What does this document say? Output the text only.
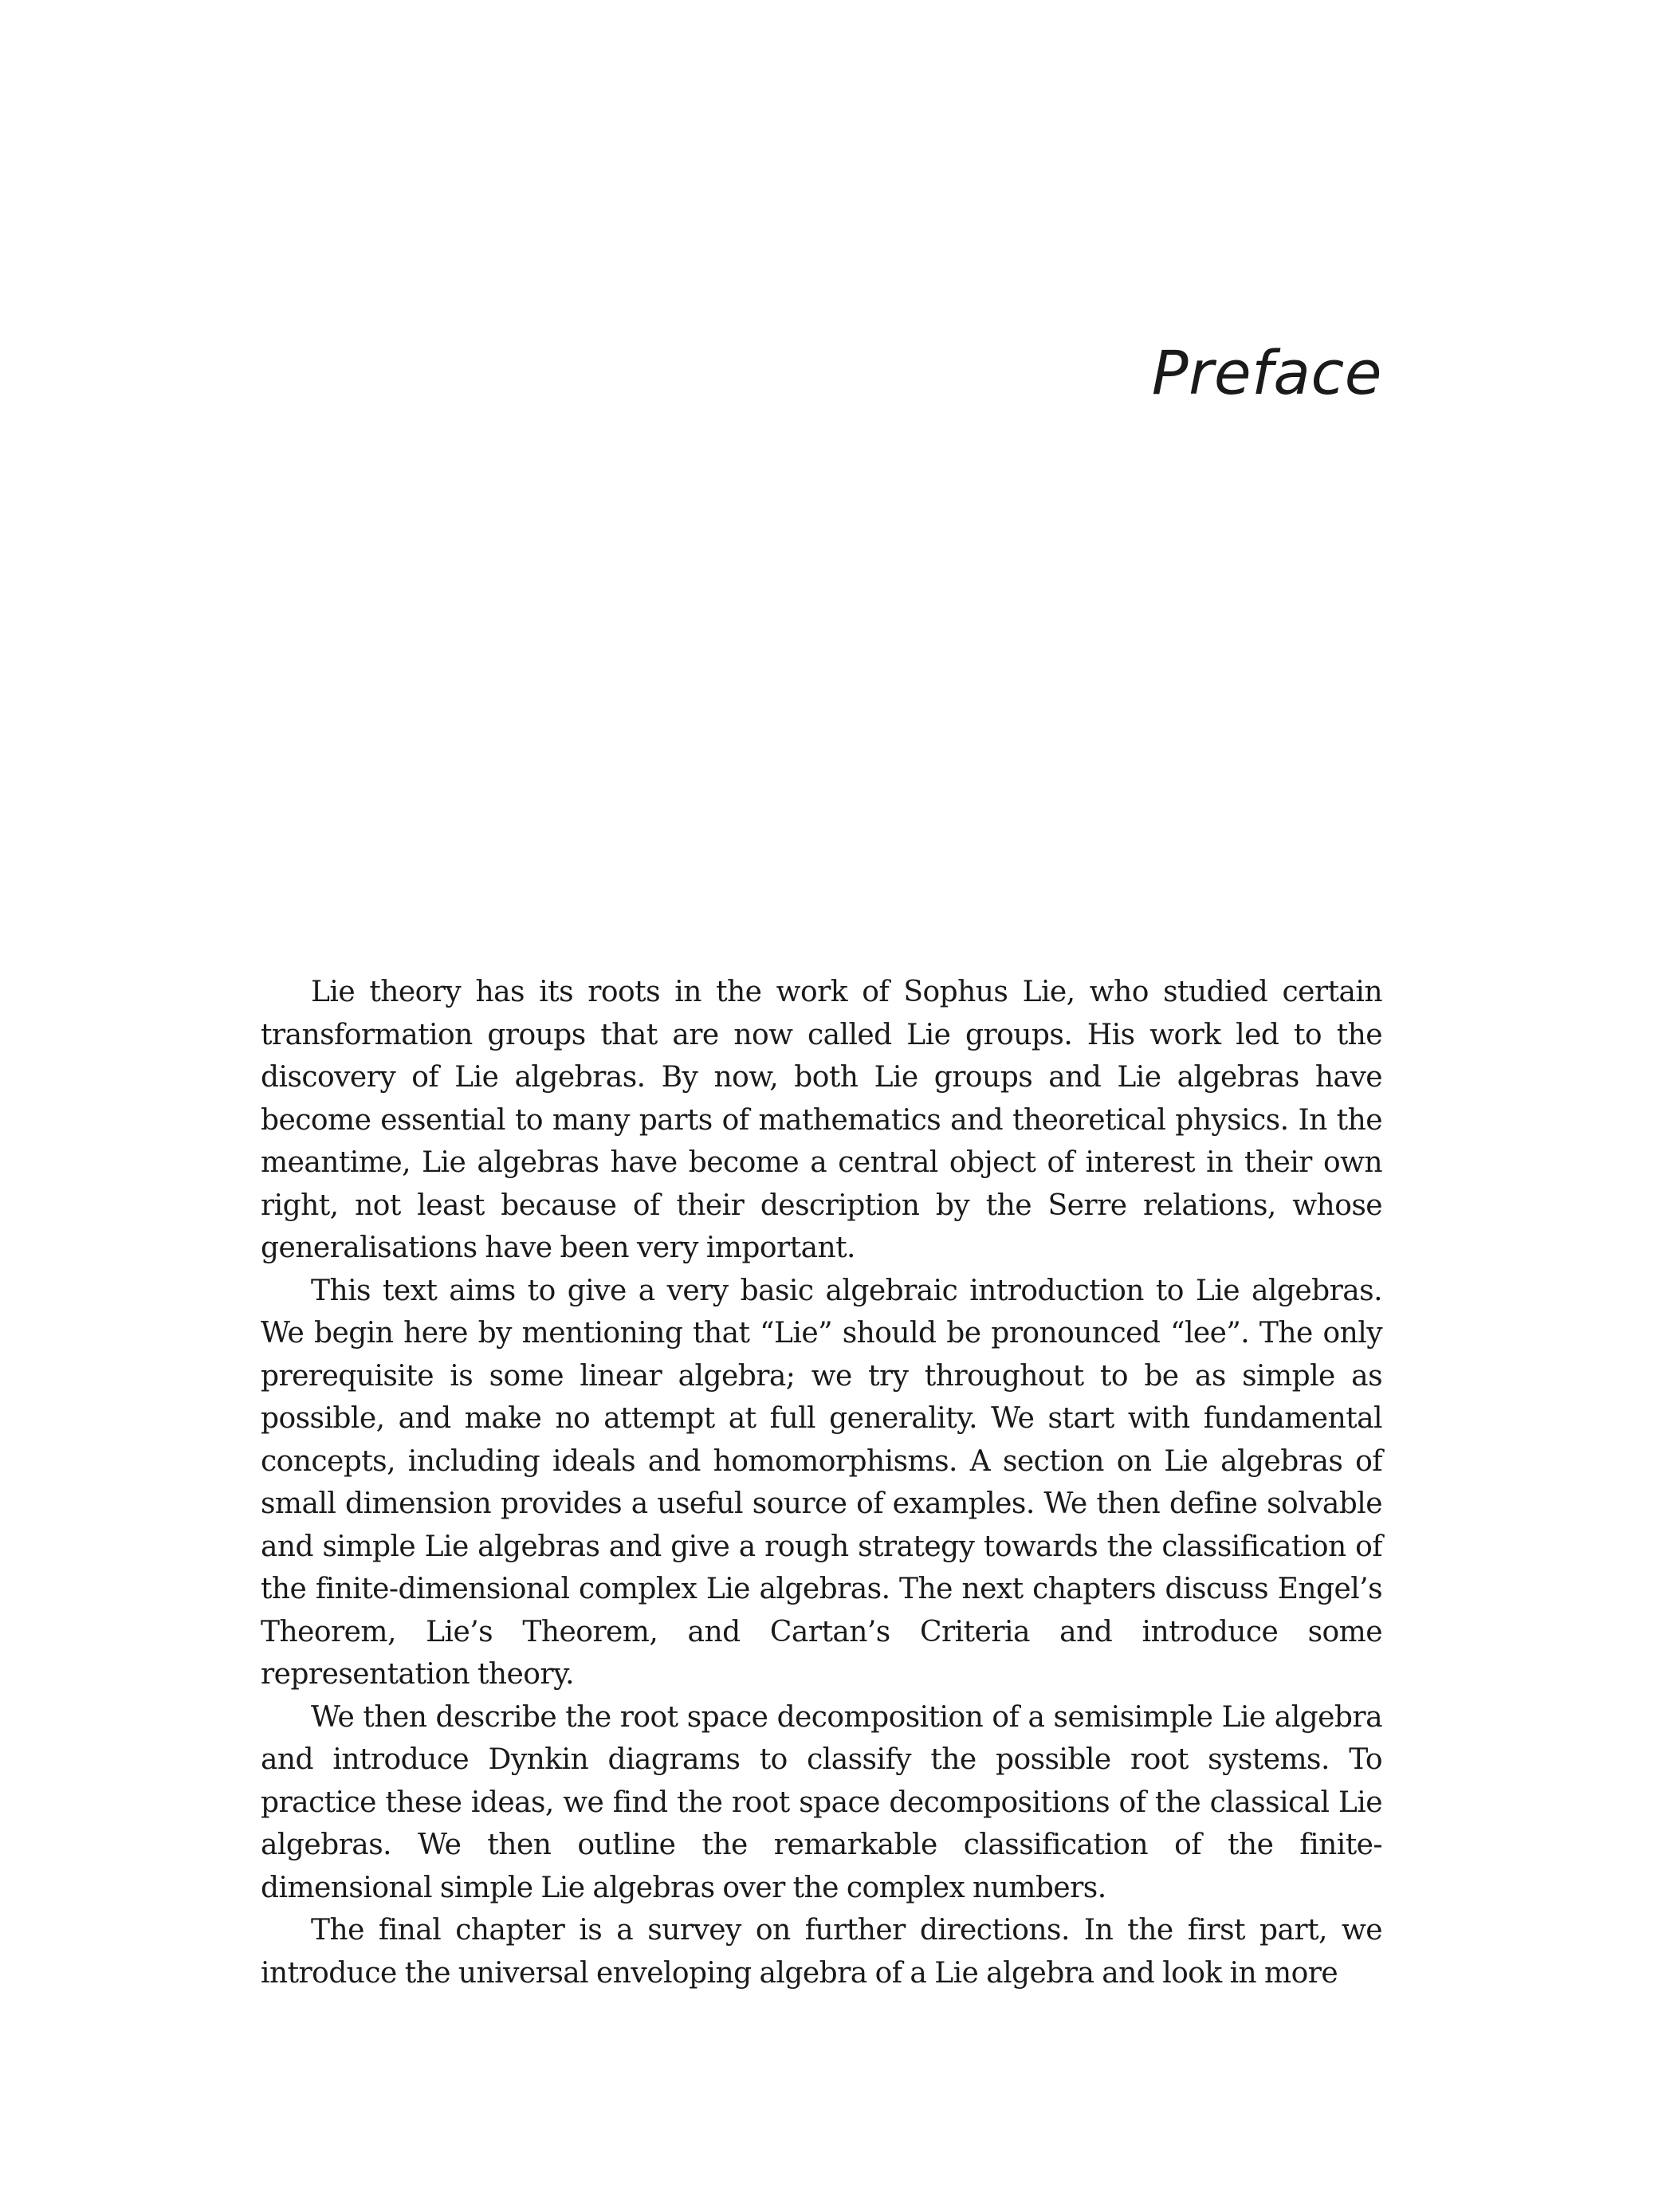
Preface

Lie theory has its roots in the work of Sophus Lie, who studied certain transformation groups that are now called Lie groups. His work led to the discovery of Lie algebras. By now, both Lie groups and Lie algebras have become essential to many parts of mathematics and theoretical physics. In the meantime, Lie algebras have become a central object of interest in their own right, not least because of their description by the Serre relations, whose generalisations have been very important.

This text aims to give a very basic algebraic introduction to Lie algebras. We begin here by mentioning that “Lie” should be pronounced “lee”. The only prerequisite is some linear algebra; we try throughout to be as simple as possible, and make no attempt at full generality. We start with fundamental concepts, including ideals and homomorphisms. A section on Lie algebras of small dimension provides a useful source of examples. We then define solvable and simple Lie algebras and give a rough strategy towards the classification of the finite-dimensional complex Lie algebras. The next chapters discuss Engel’s Theorem, Lie’s Theorem, and Cartan’s Criteria and introduce some representation theory.

We then describe the root space decomposition of a semisimple Lie algebra and introduce Dynkin diagrams to classify the possible root systems. To practice these ideas, we find the root space decompositions of the classical Lie algebras. We then outline the remarkable classification of the finite-dimensional simple Lie algebras over the complex numbers.

The final chapter is a survey on further directions. In the first part, we introduce the universal enveloping algebra of a Lie algebra and look in more
